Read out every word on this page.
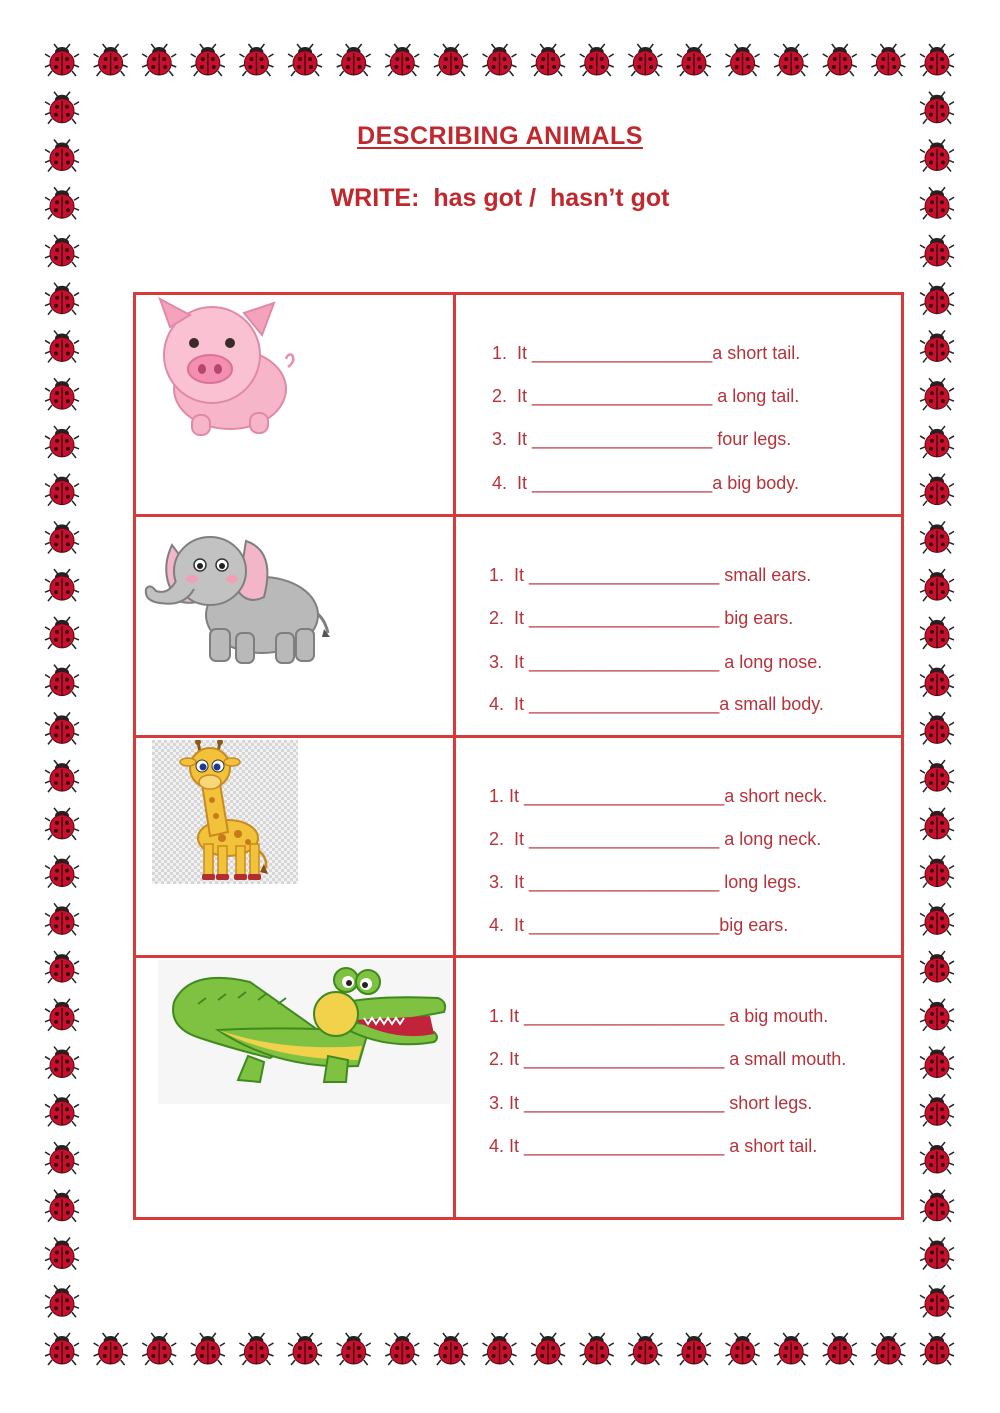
DESCRIBING ANIMALS
WRITE:  has got /  hasn’t got
1.  It __________________a short tail.
2.  It __________________ a long tail.
3.  It __________________ four legs.
4.  It __________________a big body.
1.  It ___________________ small ears.
2.  It ___________________ big ears.
3.  It ___________________ a long nose.
4.  It ___________________a small body.
1. It ____________________a short neck.
2.  It ___________________ a long neck.
3.  It ___________________ long legs.
4.  It ___________________big ears.
1. It ____________________ a big mouth.
2. It ____________________ a small mouth.
3. It ____________________ short legs.
4. It ____________________ a short tail.
